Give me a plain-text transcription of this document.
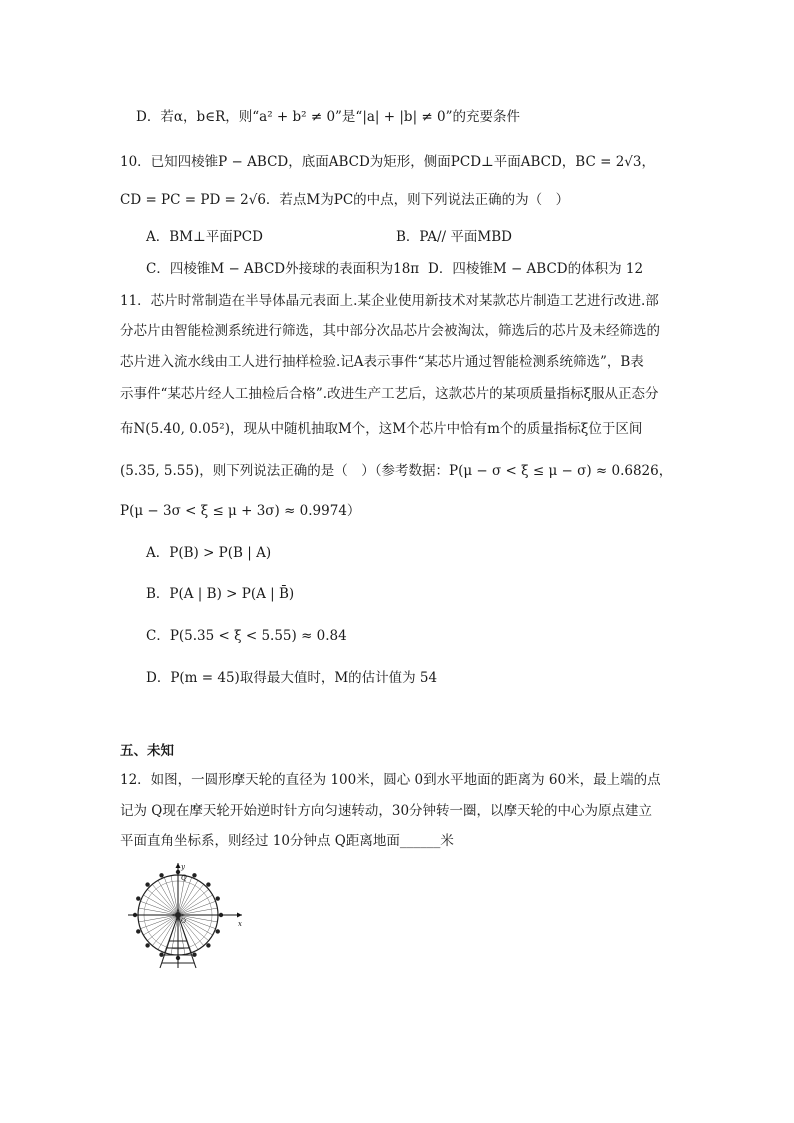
D．若α，b∈R，则“a² + b² ≠ 0”是“|a| + |b| ≠ 0”的充要条件
10．已知四棱锥P − ABCD，底面ABCD为矩形，侧面PCD⊥平面ABCD，BC = 2√3，
CD = PC = PD = 2√6．若点M为PC的中点，则下列说法正确的为（　）
A．BM⊥平面PCD	B．PA// 平面MBD
C．四棱锥M − ABCD外接球的表面积为18π D．四棱锥M − ABCD的体积为 12
11．芯片时常制造在半导体晶元表面上.某企业使用新技术对某款芯片制造工艺进行改进.部
分芯片由智能检测系统进行筛选，其中部分次品芯片会被淘汰，筛选后的芯片及未经筛选的
芯片进入流水线由工人进行抽样检验.记A表示事件“某芯片通过智能检测系统筛选”，B表
示事件“某芯片经人工抽检后合格”.改进生产工艺后，这款芯片的某项质量指标ξ服从正态分
布N(5.40, 0.05²)，现从中随机抽取M个，这M个芯片中恰有m个的质量指标ξ位于区间
(5.35, 5.55)，则下列说法正确的是（　）（参考数据：P(μ − σ < ξ ≤ μ − σ) ≈ 0.6826，
P(μ − 3σ < ξ ≤ μ + 3σ) ≈ 0.9974）
A．P(B) > P(B | A)
B．P(A | B) > P(A | B̄)
C．P(5.35 < ξ < 5.55) ≈ 0.84
D．P(m = 45)取得最大值时，M的估计值为 54
五、未知
12．如图，一圆形摩天轮的直径为 100米，圆心 0到水平地面的距离为 60米，最上端的点
记为 Q现在摩天轮开始逆时针方向匀速转动，30分钟转一圈，以摩天轮的中心为原点建立
平面直角坐标系，则经过 10分钟点 Q距离地面______米
y
x
Q
O
